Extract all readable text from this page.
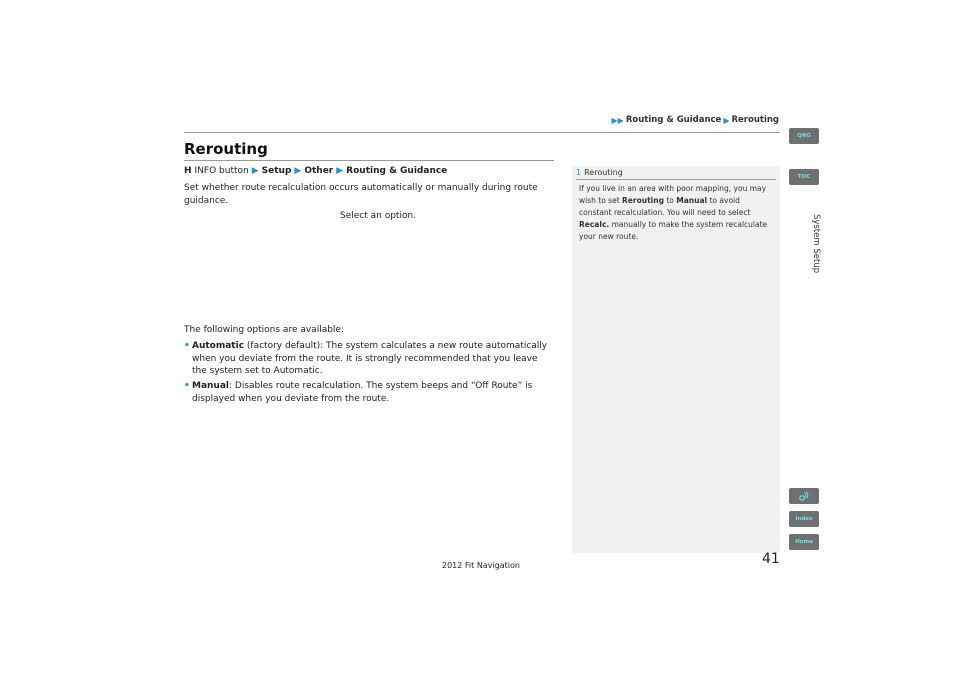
▶▶ Routing & Guidance ▶ Rerouting
Rerouting
H INFO button ▶ Setup ▶ Other ▶ Routing & Guidance

Set whether route recalculation occurs automatically or manually during route guidance.

Select an option.

The following options are available:

• Automatic (factory default): The system calculates a new route automatically when you deviate from the route. It is strongly recommended that you leave the system set to Automatic.
• Manual: Disables route recalculation. The system beeps and “Off Route” is displayed when you deviate from the route.
1 Rerouting

If you live in an area with poor mapping, you may wish to set Rerouting to Manual to avoid constant recalculation. You will need to select Recalc. manually to make the system recalculate your new route.

QRG
TOC
System Setup
Index
Home
41
2012 Fit Navigation
